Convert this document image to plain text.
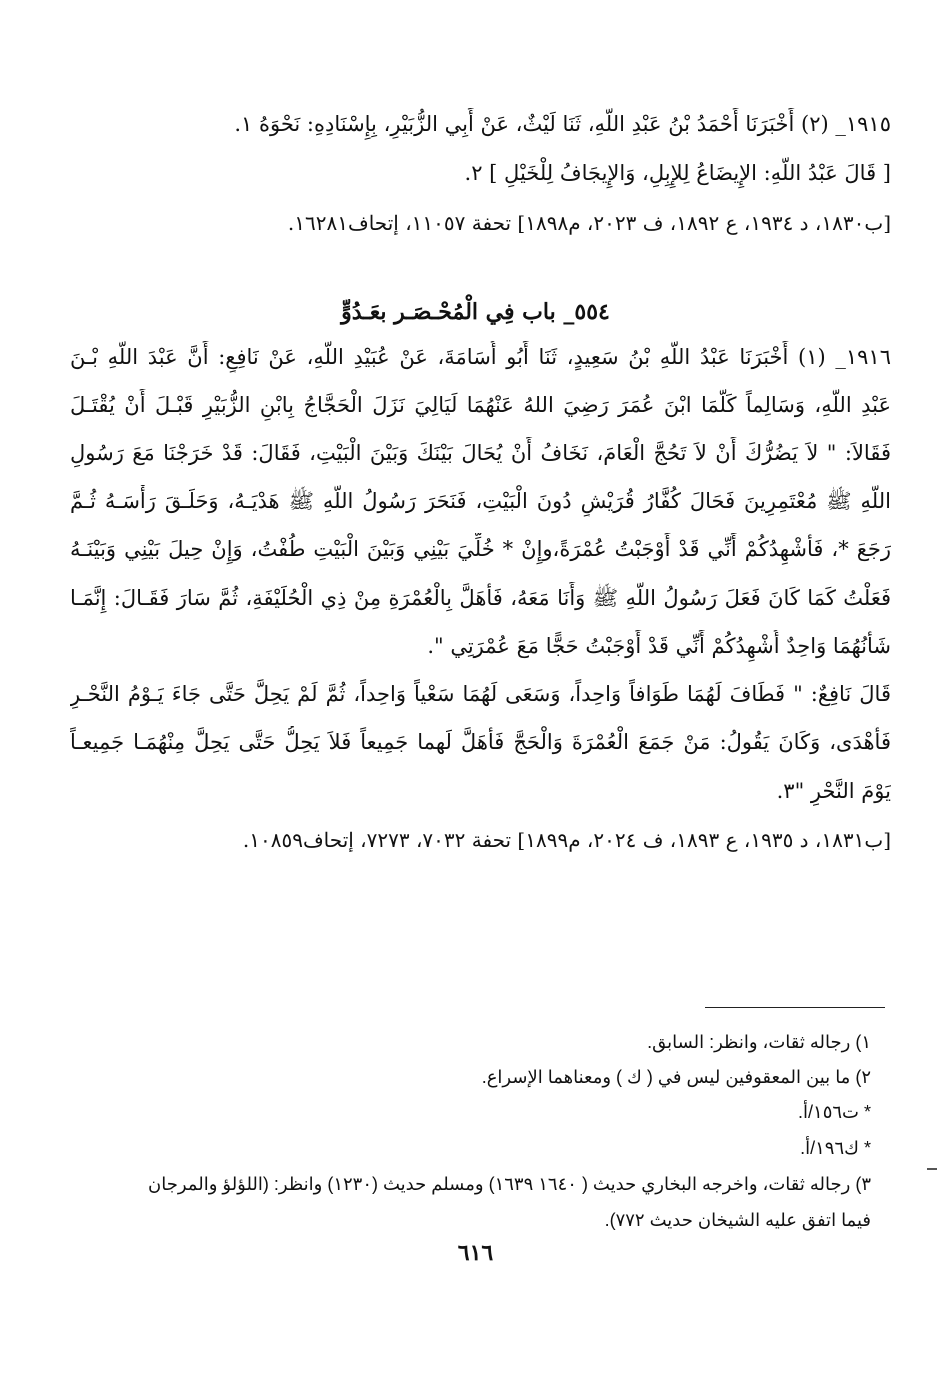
١٩١٥_ (٢) أَخْبَرَنَا أَحْمَدُ بْنُ عَبْدِ اللَّهِ، ثَنَا لَيْثٌ، عَنْ أَبِي الزُّبَيْرِ، بِإِسْنَادِهِ: نَحْوَهُ ١.
[ قَالَ عَبْدُ اللَّهِ: الإِيضَاعُ لِلإِبِلِ، وَالإِيجَافُ لِلْخَيْلِ ] ٢.
[ب١٨٣٠، د ١٩٣٤، ع ١٨٩٢، ف ٢٠٢٣، م١٨٩٨] تحفة ١١٠٥٧، إتحاف١٦٢٨١.
٥٥٤_ باب فِي الْمُحْـصَـر بعَـدُوٍّ
١٩١٦_ (١) أَخْبَرَنَا عَبْدُ اللَّهِ بْنُ سَعِيدٍ، ثَنَا أَبُو أُسَامَةَ، عَنْ عُبَيْدِ اللَّهِ، عَنْ نَافِعٍ: أَنَّ عَبْدَ اللَّهِ بْـنَ
عَبْدِ اللَّهِ، وَسَالِماً كَلَّمَا ابْنَ عُمَرَ رَضِيَ اللهُ عَنْهُمَا لَيَالِيَ نَزَلَ الْحَجَّاجُ بِابْنِ الزُّبَيْرِ قَبْـلَ أَنْ يُقْتَـلَ
فَقَالاَ: " لاَ يَضُرُّكَ أَنْ لاَ تَحُجَّ الْعَامَ، نَخَافُ أَنْ يُحَالَ بَيْنَكَ وَبَيْنَ الْبَيْتِ، فَقَالَ: قَدْ خَرَجْنَا مَعَ رَسُولِ
اللَّهِ ﷺ مُعْتَمِرِينَ فَحَالَ كُفَّارُ قُرَيْشٍ دُونَ الْبَيْتِ، فَنَحَرَ رَسُولُ اللَّهِ ﷺ هَدْيَـهُ، وَحَلَـقَ رَأْسَـهُ ثُـمَّ
رَجَعَ *، فَأُشْهِدُكُمْ أَنِّي قَدْ أَوْجَبْتُ عُمْرَةً،وإِنْ * خُلِّيَ بَيْنِي وَبَيْنَ الْبَيْتِ طُفْتُ، وَإِنْ حِيلَ بَيْنِي وَبَيْنَـهُ
فَعَلْتُ كَمَا كَانَ فَعَلَ رَسُولُ اللَّهِ ﷺ وَأَنَا مَعَهُ، فَأَهَلَّ بِالْعُمْرَةِ مِنْ ذِي الْحُلَيْفَةِ، ثُمَّ سَارَ فَقَـالَ: إِنَّمَـا
شَأْنُهُمَا وَاحِدٌ أُشْهِدُكُمْ أَنِّي قَدْ أَوْجَبْتُ حَجًّا مَعَ عُمْرَتِي ".
قَالَ نَافِعٌ: " فَطَافَ لَهُمَا طَوَافاً وَاحِداً، وَسَعَى لَهُمَا سَعْياً وَاحِداً، ثُمَّ لَمْ يَحِلَّ حَتَّى جَاءَ يَـوْمُ النَّحْـرِ
فَأَهْدَى، وَكَانَ يَقُولُ: مَنْ جَمَعَ الْعُمْرَةَ وَالْحَجَّ فَأَهَلَّ لَهما جَمِيعاً فَلاَ يَحِلُّ حَتَّى يَحِلَّ مِنْهُمَـا جَمِيعـاً
يَوْمَ النَّحْرِ "٣.
[ب١٨٣١، د ١٩٣٥، ع ١٨٩٣، ف ٢٠٢٤، م١٨٩٩] تحفة ٧٠٣٢، ٧٢٧٣، إتحاف١٠٨٥٩.
١) رجاله ثقات، وانظر: السابق.
٢) ما بين المعقوفين ليس في ( ك ) ومعناهما الإسراع.
* ت١٥٦/أ.
* ك١٩٦/أ.
٣) رجاله ثقات، واخرجه البخاري حديث ( ١٦٤٠ ١٦٣٩) ومسلم حديث (١٢٣٠) وانظر: (اللؤلؤ والمرجان
فيما اتفق عليه الشيخان حديث ٧٧٢).
٦١٦
